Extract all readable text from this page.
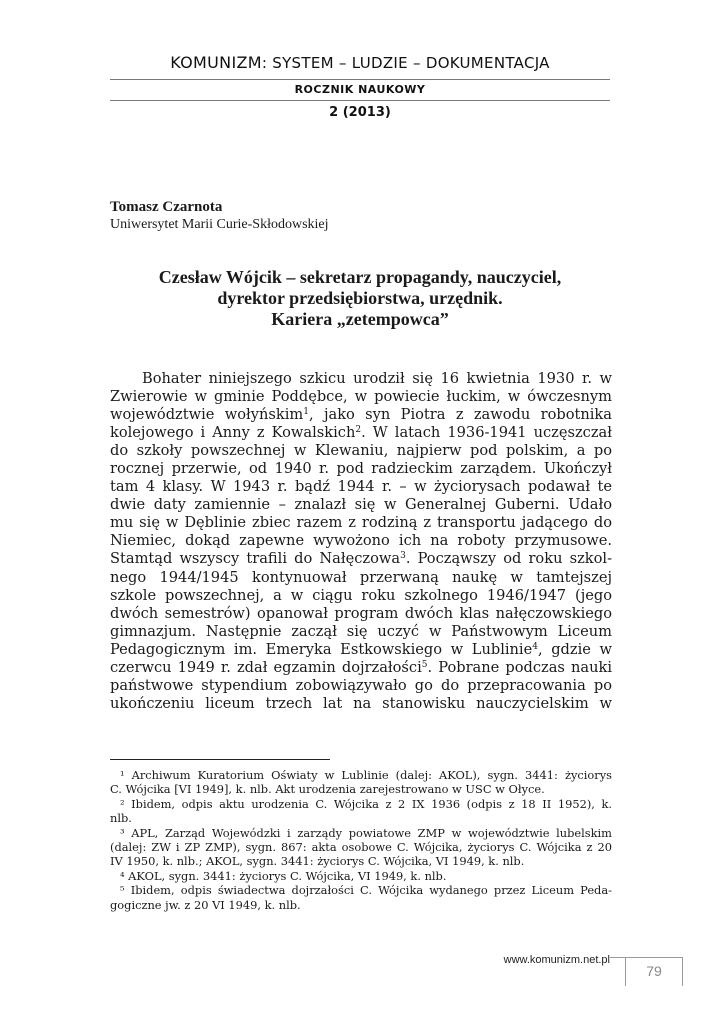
KOMUNIZM: SYSTEM – LUDZIE – DOKUMENTACJA
ROCZNIK NAUKOWY
2 (2013)
Tomasz Czarnota
Uniwersytet Marii Curie-Skłodowskiej
Czesław Wójcik – sekretarz propagandy, nauczyciel,
dyrektor przedsiębiorstwa, urzędnik.
Kariera „zetempowca”
Bohater niniejszego szkicu urodził się 16 kwietnia 1930 r. w
Zwierowie w gminie Poddębce, w powiecie łuckim, w ówczesnym
województwie wołyńskim$^1$, jako syn Piotra z zawodu robotnika
kolejowego i Anny z Kowalskich$^2$. W latach 1936-1941 uczęszczał
do szkoły powszechnej w Klewaniu, najpierw pod polskim, a po
rocznej przerwie, od 1940 r. pod radzieckim zarządem. Ukończył
tam 4 klasy. W 1943 r. bądź 1944 r. – w życiorysach podawał te
dwie daty zamiennie – znalazł się w Generalnej Guberni. Udało
mu się w Dęblinie zbiec razem z rodziną z transportu jadącego do
Niemiec, dokąd zapewne wywożono ich na roboty przymusowe.
Stamtąd wszyscy trafili do Nałęczowa$^3$. Począwszy od roku szkol-
nego 1944/1945 kontynuował przerwaną naukę w tamtejszej
szkole powszechnej, a w ciągu roku szkolnego 1946/1947 (jego
dwóch semestrów) opanował program dwóch klas nałęczowskiego
gimnazjum. Następnie zaczął się uczyć w Państwowym Liceum
Pedagogicznym im. Emeryka Estkowskiego w Lublinie$^4$, gdzie w
czerwcu 1949 r. zdał egzamin dojrzałości$^5$. Pobrane podczas nauki
państwowe stypendium zobowiązywało go do przepracowania po
ukończeniu liceum trzech lat na stanowisku nauczycielskim w
¹ Archiwum Kuratorium Oświaty w Lublinie (dalej: AKOL), sygn. 3441: życiorys
C. Wójcika [VI 1949], k. nlb. Akt urodzenia zarejestrowano w USC w Ołyce.
² Ibidem, odpis aktu urodzenia C. Wójcika z 2 IX 1936 (odpis z 18 II 1952), k.
nlb.
³ APL, Zarząd Wojewódzki i zarządy powiatowe ZMP w województwie lubelskim
(dalej: ZW i ZP ZMP), sygn. 867: akta osobowe C. Wójcika, życiorys C. Wójcika z 20
IV 1950, k. nlb.; AKOL, sygn. 3441: życiorys C. Wójcika, VI 1949, k. nlb.
⁴ AKOL, sygn. 3441: życiorys C. Wójcika, VI 1949, k. nlb.
⁵ Ibidem, odpis świadectwa dojrzałości C. Wójcika wydanego przez Liceum Peda-
gogiczne jw. z 20 VI 1949, k. nlb.
www.komunizm.net.pl
79
